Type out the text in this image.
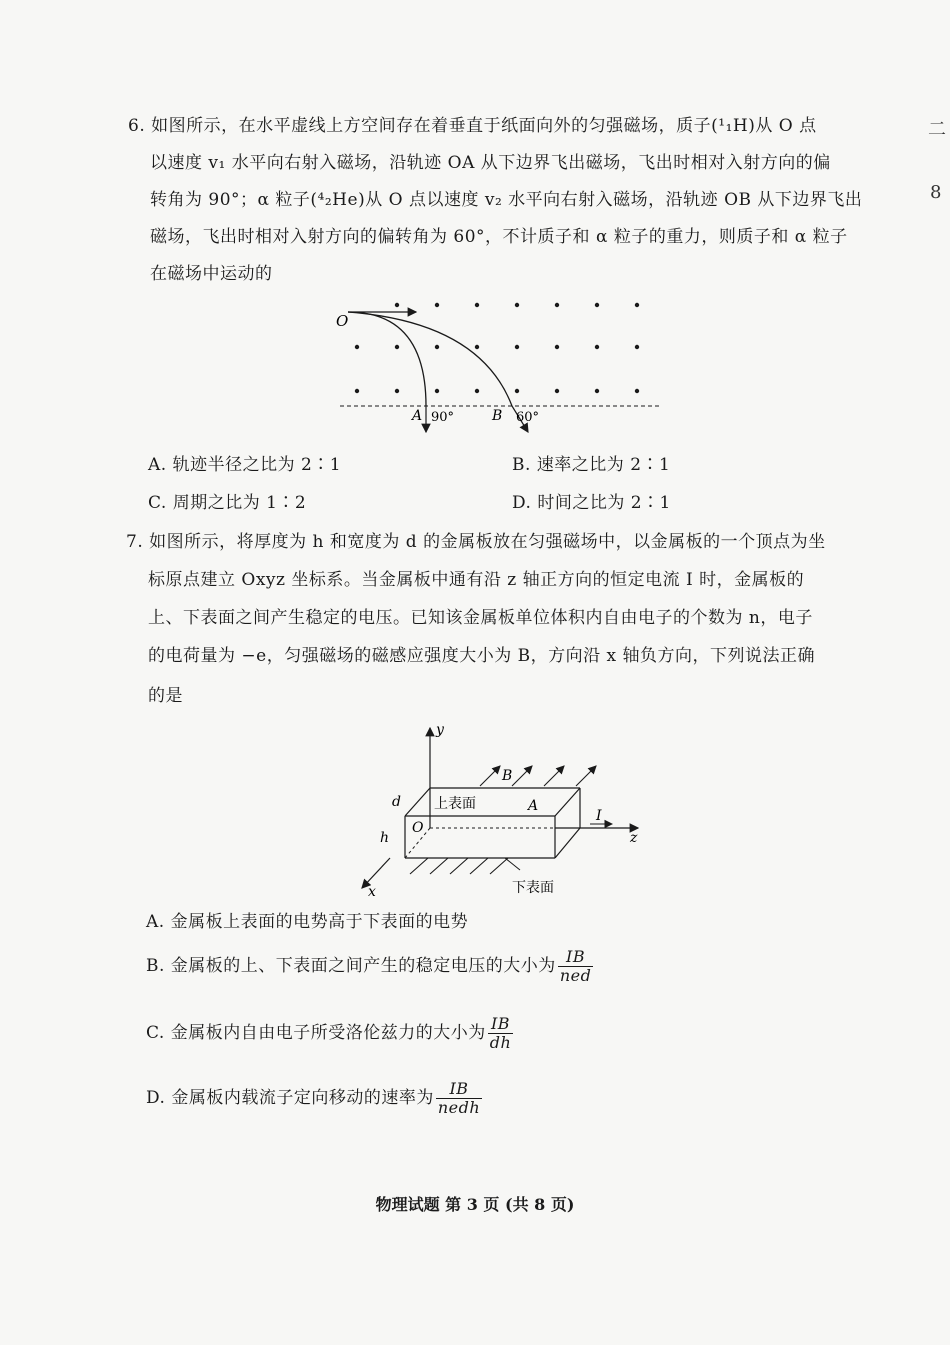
二
8
6. 如图所示，在水平虚线上方空间存在着垂直于纸面向外的匀强磁场，质子(¹₁H)从 O 点
以速度 v₁ 水平向右射入磁场，沿轨迹 OA 从下边界飞出磁场，飞出时相对入射方向的偏
转角为 90°；α 粒子(⁴₂He)从 O 点以速度 v₂ 水平向右射入磁场，沿轨迹 OB 从下边界飞出
磁场，飞出时相对入射方向的偏转角为 60°，不计质子和 α 粒子的重力，则质子和 α 粒子
在磁场中运动的
O
A	B
90°	60°
A. 轨迹半径之比为 2∶1	B. 速率之比为 2∶1
C. 周期之比为 1∶2	D. 时间之比为 2∶1
7. 如图所示，将厚度为 h 和宽度为 d 的金属板放在匀强磁场中，以金属板的一个顶点为坐
标原点建立 Oxyz 坐标系。当金属板中通有沿 z 轴正方向的恒定电流 I 时，金属板的
上、下表面之间产生稳定的电压。已知该金属板单位体积内自由电子的个数为 n，电子
的电荷量为 −e，匀强磁场的磁感应强度大小为 B，方向沿 x 轴负方向，下列说法正确
的是
y
x
z
O
A
B
I
d
h
上表面
下表面
A. 金属板上表面的电势高于下表面的电势
B. 金属板的上、下表面之间产生的稳定电压的大小为 $\frac{IB}{\text{ned}}$
C. 金属板内自由电子所受洛伦兹力的大小为 $\frac{IB}{dh}$
D. 金属板内载流子定向移动的速率为 $\frac{IB}{\text{nedh}}$
物理试题 第 3 页 (共 8 页)
